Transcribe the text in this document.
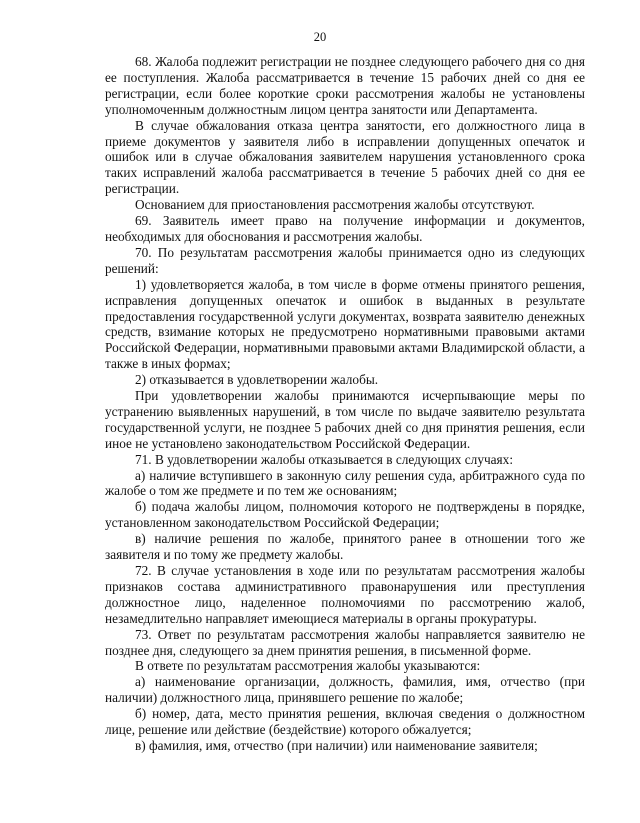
20

68. Жалоба подлежит регистрации не позднее следующего рабочего дня со дня ее поступления. Жалоба рассматривается в течение 15 рабочих дней со дня ее регистрации, если более короткие сроки рассмотрения жалобы не установлены уполномоченным должностным лицом центра занятости или Департамента.

В случае обжалования отказа центра занятости, его должностного лица в приеме документов у заявителя либо в исправлении допущенных опечаток и ошибок или в случае обжалования заявителем нарушения установленного срока таких исправлений жалоба рассматривается в течение 5 рабочих дней со дня ее регистрации.

Основанием для приостановления рассмотрения жалобы отсутствуют.

69. Заявитель имеет право на получение информации и документов, необходимых для обоснования и рассмотрения жалобы.

70. По результатам рассмотрения жалобы принимается одно из следующих решений:

1) удовлетворяется жалоба, в том числе в форме отмены принятого решения, исправления допущенных опечаток и ошибок в выданных в результате предоставления государственной услуги документах, возврата заявителю денежных средств, взимание которых не предусмотрено нормативными правовыми актами Российской Федерации, нормативными правовыми актами Владимирской области, а также в иных формах;

2) отказывается в удовлетворении жалобы.

При удовлетворении жалобы принимаются исчерпывающие меры по устранению выявленных нарушений, в том числе по выдаче заявителю результата государственной услуги, не позднее 5 рабочих дней со дня принятия решения, если иное не установлено законодательством Российской Федерации.

71. В удовлетворении жалобы отказывается в следующих случаях:

а) наличие вступившего в законную силу решения суда, арбитражного суда по жалобе о том же предмете и по тем же основаниям;

б) подача жалобы лицом, полномочия которого не подтверждены в порядке, установленном законодательством Российской Федерации;

в) наличие решения по жалобе, принятого ранее в отношении того же заявителя и по тому же предмету жалобы.

72. В случае установления в ходе или по результатам рассмотрения жалобы признаков состава административного правонарушения или преступления должностное лицо, наделенное полномочиями по рассмотрению жалоб, незамедлительно направляет имеющиеся материалы в органы прокуратуры.

73. Ответ по результатам рассмотрения жалобы направляется заявителю не позднее дня, следующего за днем принятия решения, в письменной форме.

В ответе по результатам рассмотрения жалобы указываются:

а) наименование организации, должность, фамилия, имя, отчество (при наличии) должностного лица, принявшего решение по жалобе;

б) номер, дата, место принятия решения, включая сведения о должностном лице, решение или действие (бездействие) которого обжалуется;

в) фамилия, имя, отчество (при наличии) или наименование заявителя;
